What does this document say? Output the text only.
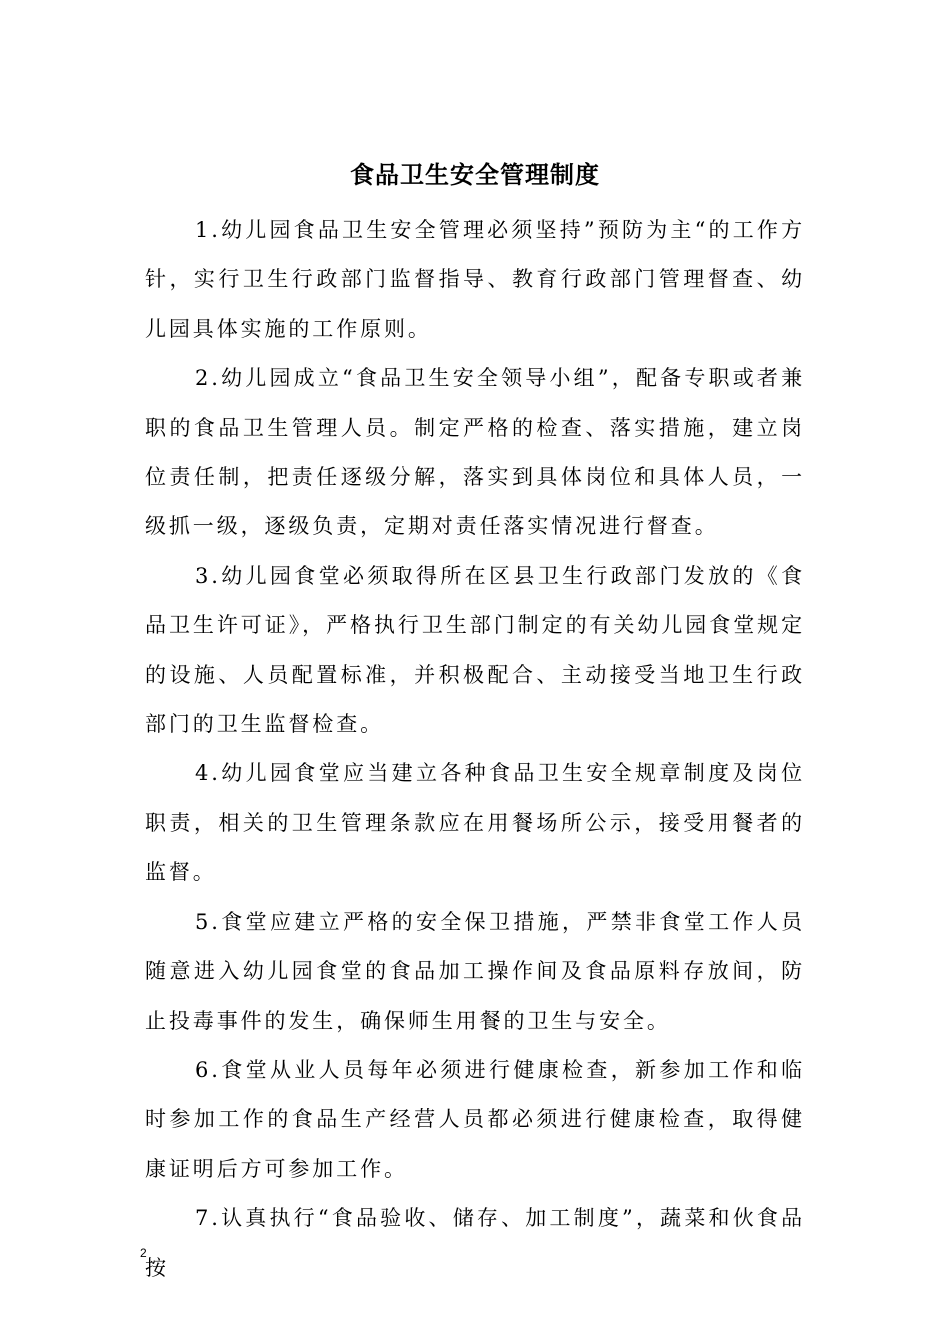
食品卫生安全管理制度

1.幼儿园食品卫生安全管理必须坚持”预防为主“的工作方针，实行卫生行政部门监督指导、教育行政部门管理督查、幼儿园具体实施的工作原则。

2.幼儿园成立“食品卫生安全领导小组”，配备专职或者兼职的食品卫生管理人员。制定严格的检查、落实措施，建立岗位责任制，把责任逐级分解，落实到具体岗位和具体人员，一级抓一级，逐级负责，定期对责任落实情况进行督查。

3.幼儿园食堂必须取得所在区县卫生行政部门发放的《食品卫生许可证》，严格执行卫生部门制定的有关幼儿园食堂规定的设施、人员配置标准，并积极配合、主动接受当地卫生行政部门的卫生监督检查。

4.幼儿园食堂应当建立各种食品卫生安全规章制度及岗位职责，相关的卫生管理条款应在用餐场所公示，接受用餐者的监督。

5.食堂应建立严格的安全保卫措施，严禁非食堂工作人员随意进入幼儿园食堂的食品加工操作间及食品原料存放间，防止投毒事件的发生，确保师生用餐的卫生与安全。

6.食堂从业人员每年必须进行健康检查，新参加工作和临时参加工作的食品生产经营人员都必须进行健康检查，取得健康证明后方可参加工作。

7.认真执行“食品验收、储存、加工制度”，蔬菜和伙食品按

2
